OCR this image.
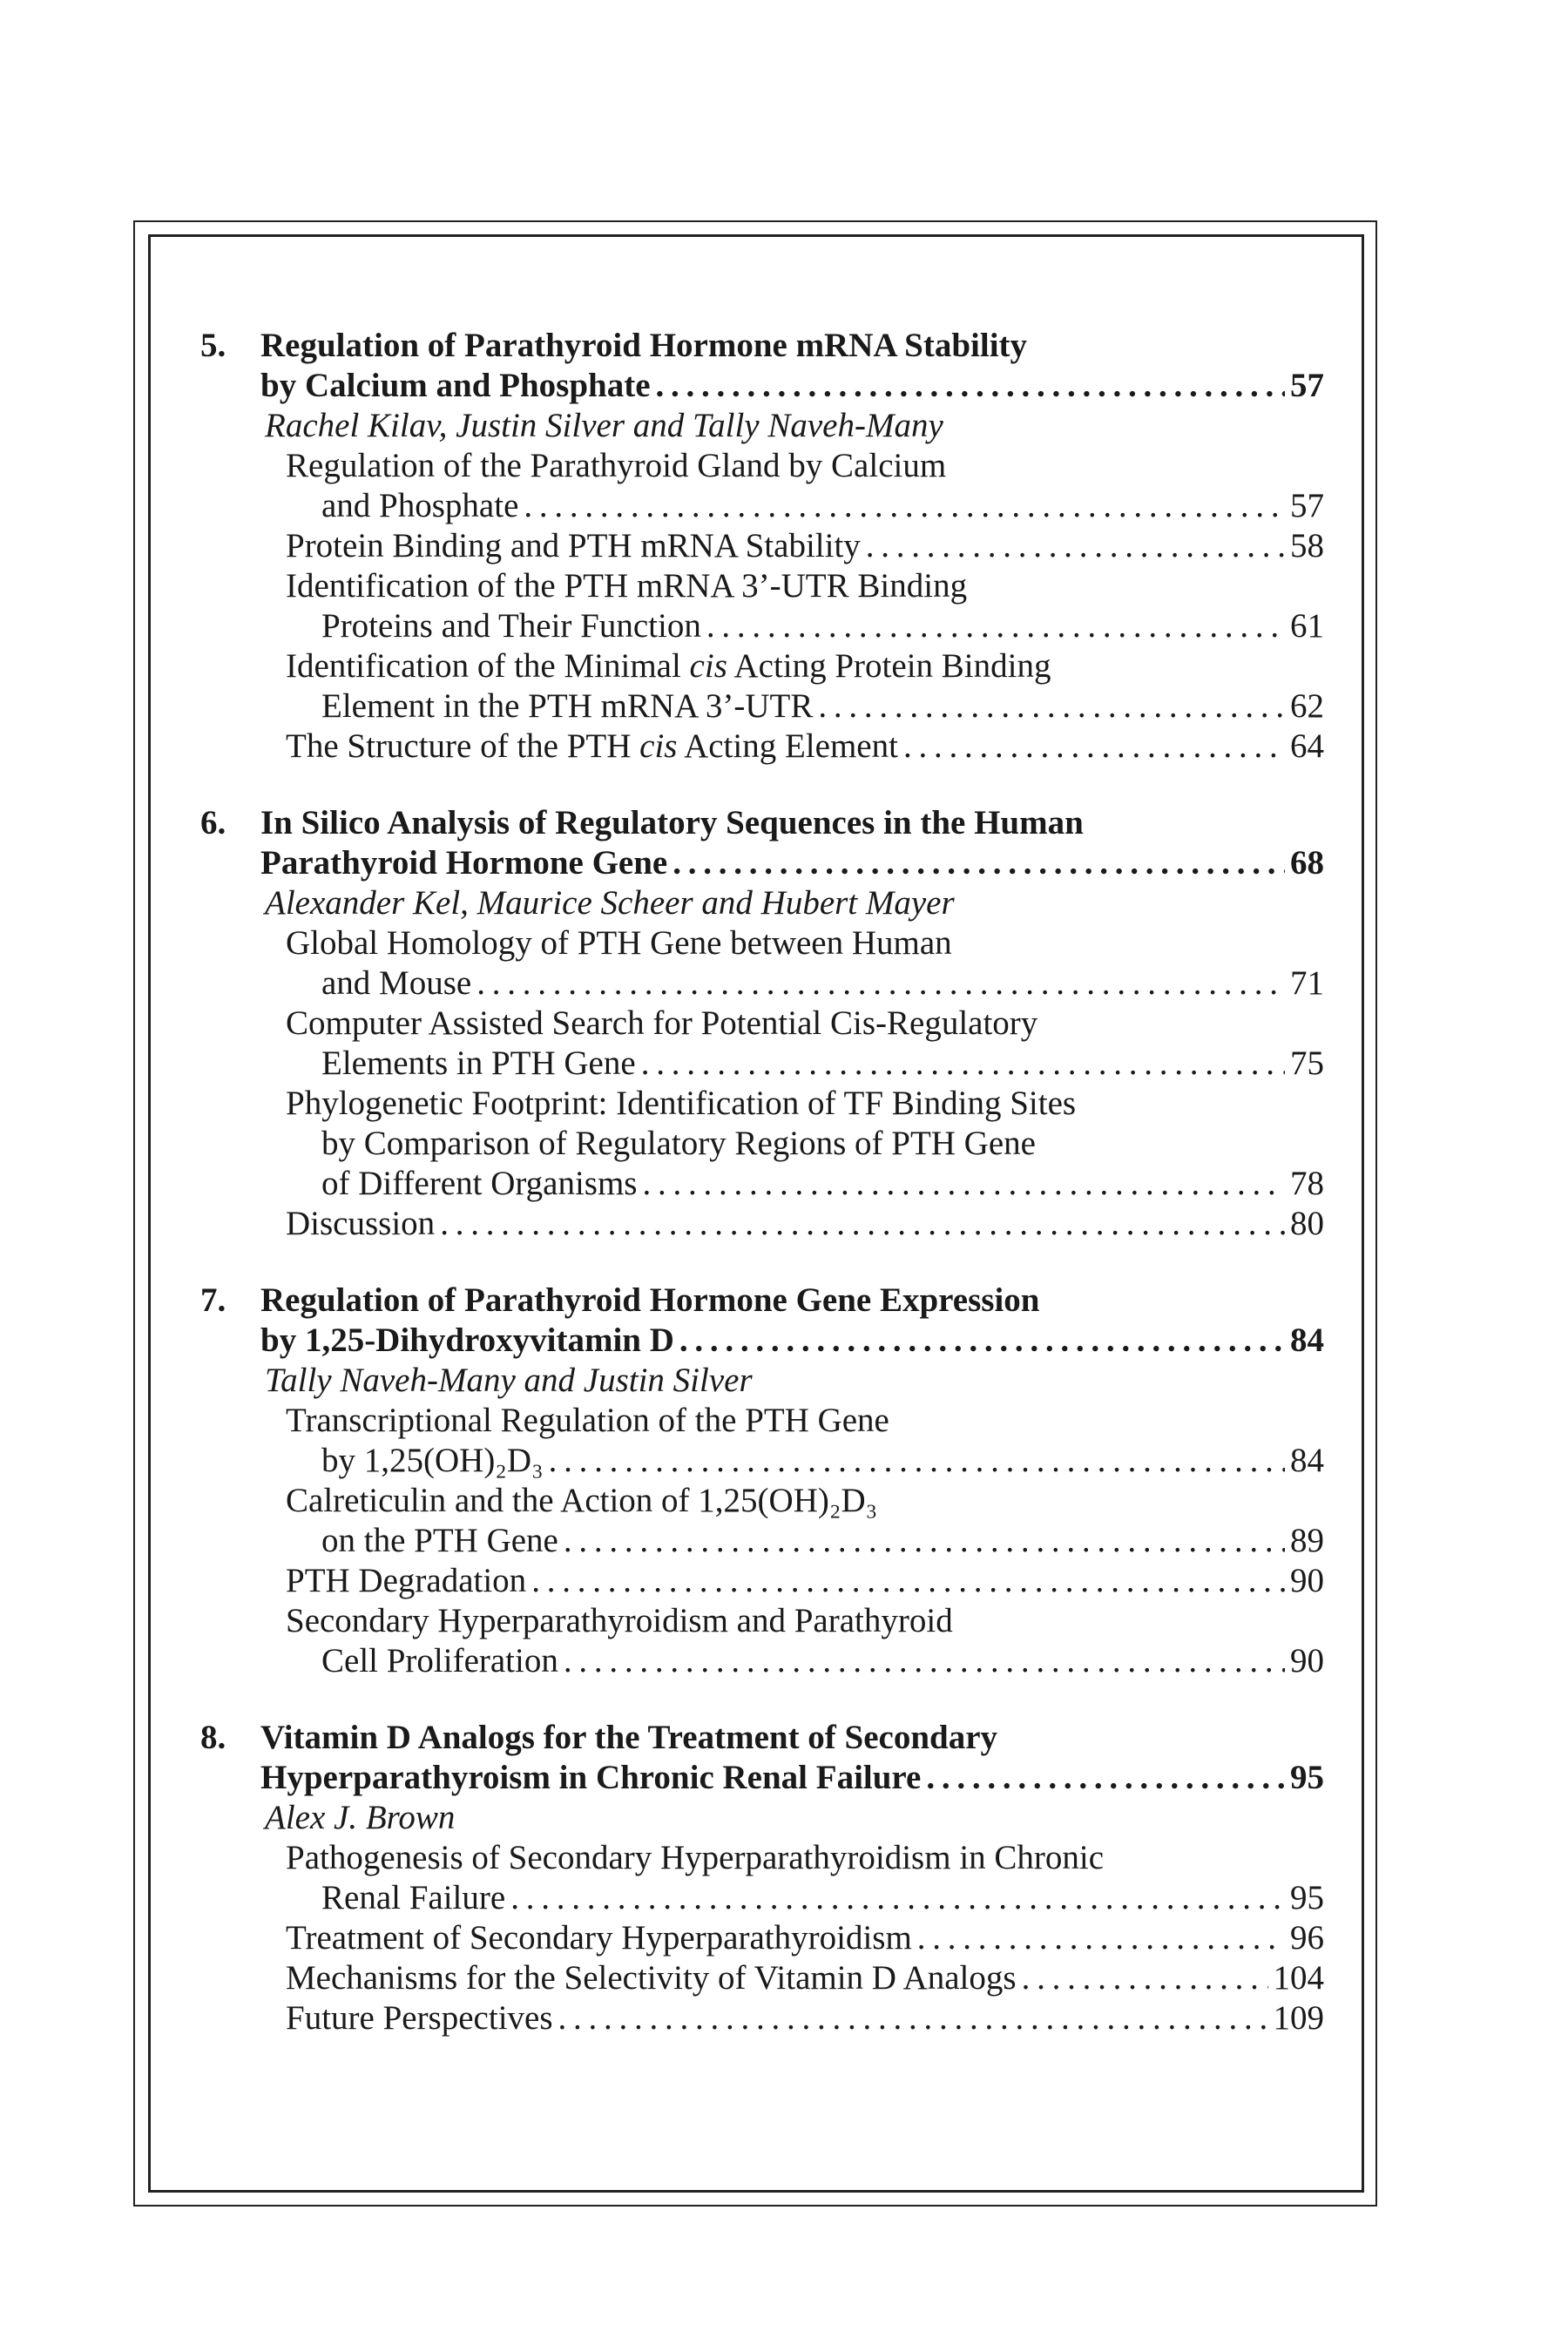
5. Regulation of Parathyroid Hormone mRNA Stability
by Calcium and Phosphate . . .	57
Rachel Kilav, Justin Silver and Tally Naveh-Many
Regulation of the Parathyroid Gland by Calcium
and Phosphate . . .	57
Protein Binding and PTH mRNA Stability . . .	58
Identification of the PTH mRNA 3’-UTR Binding
Proteins and Their Function . . .	61
Identification of the Minimal cis Acting Protein Binding
Element in the PTH mRNA 3’-UTR . . .	62
The Structure of the PTH cis Acting Element . . .	64
6. In Silico Analysis of Regulatory Sequences in the Human
Parathyroid Hormone Gene . . .	68
Alexander Kel, Maurice Scheer and Hubert Mayer
Global Homology of PTH Gene between Human
and Mouse . . .	71
Computer Assisted Search for Potential Cis-Regulatory
Elements in PTH Gene . . .	75
Phylogenetic Footprint: Identification of TF Binding Sites
by Comparison of Regulatory Regions of PTH Gene
of Different Organisms . . .	78
Discussion . . .	80
7. Regulation of Parathyroid Hormone Gene Expression
by 1,25-Dihydroxyvitamin D . . .	84
Tally Naveh-Many and Justin Silver
Transcriptional Regulation of the PTH Gene
by 1,25(OH)₂D₃ . . .	84
Calreticulin and the Action of 1,25(OH)₂D₃
on the PTH Gene . . .	89
PTH Degradation . . .	90
Secondary Hyperparathyroidism and Parathyroid
Cell Proliferation . . .	90
8. Vitamin D Analogs for the Treatment of Secondary
Hyperparathyroism in Chronic Renal Failure . . .	95
Alex J. Brown
Pathogenesis of Secondary Hyperparathyroidism in Chronic
Renal Failure . . .	95
Treatment of Secondary Hyperparathyroidism . . .	96
Mechanisms for the Selectivity of Vitamin D Analogs . . .	104
Future Perspectives . . .	109
